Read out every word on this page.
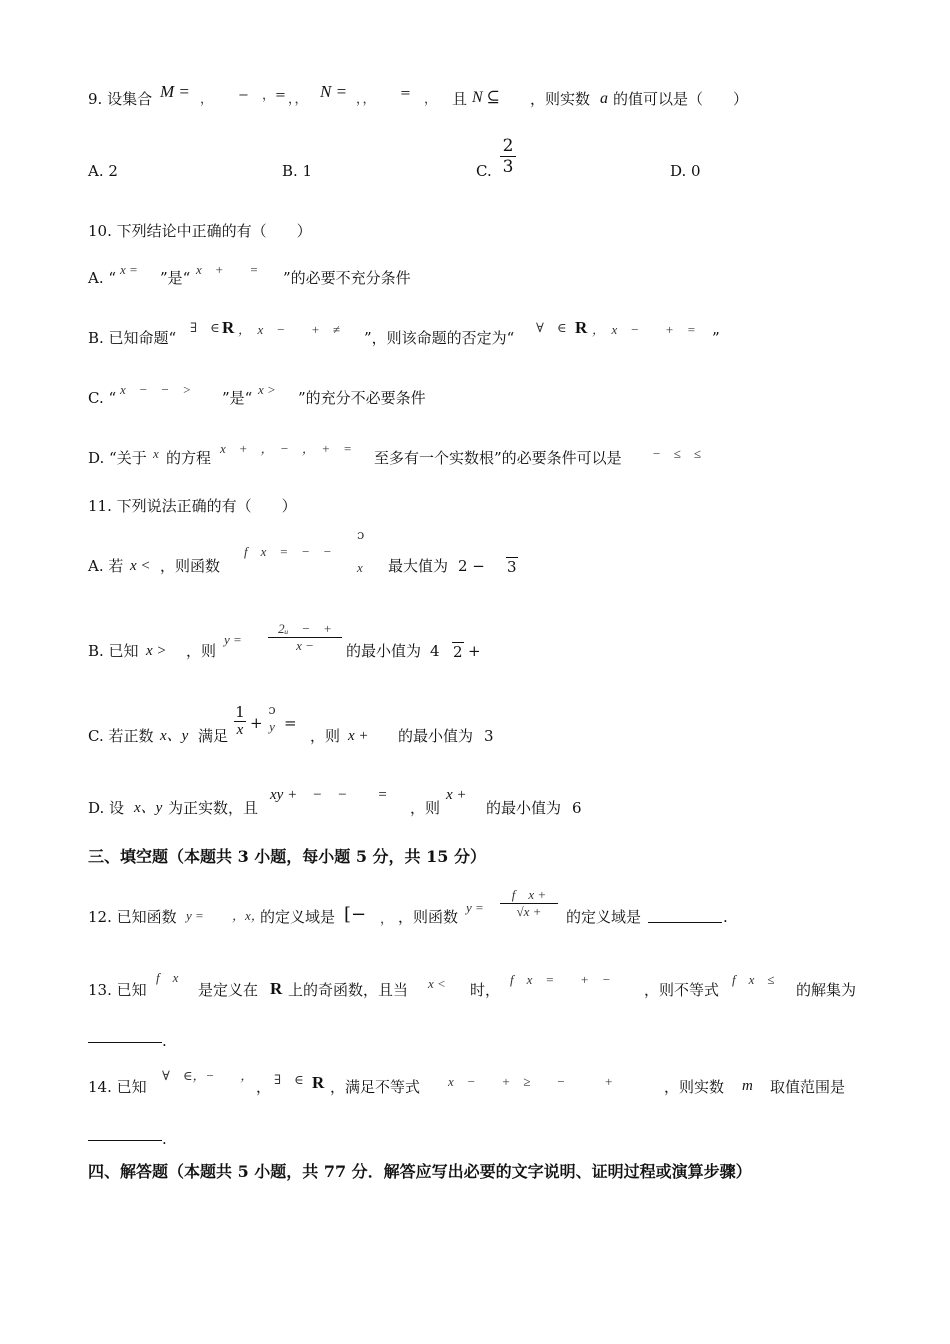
9. 设集合 M = ， − ，= ，， N = ，， = ， 且 N ⊆ ，则实数 a 的值可以是（　　）
A. 2	B. 1	C.
2
3	D. 0
10. 下列结论中正确的有（　　）
A. “ x = ”是“ x　+　　= ”的必要不充分条件
B. 已知命题“
∃　∈ R ，　x　−　　+　≠ ”，则该命题的否定为“
∀　∈ R ，　x　−　　+　= ”
C. “ x　−　−　> ”是“ x > ”的充分不必要条件
D. “关于 x 的方程
x　+　，　−　，　+　=
至多有一个实数根”的必要条件可以是 −　≤　≤
11. 下列说法正确的有（　　）
A. 若 x < ，则函数
f　x　=　−　−
ɔ
x 最大值为 2 − 3
B. 已知 x > ，则
y =
2ᵤ　−　+
x − 的最小值为 4 2 +
C. 若正数 x、y 满足
1
x +
ɔ
y =
，则 x + 的最小值为 3
D. 设 x、y 为正实数，且
xy +　−　−　　=
，则
x +
的最小值为 6
三、填空题（本题共 3 小题，每小题 5 分，共 15 分）
12. 已知函数 y = ，x，
的定义域是 [− ， ，则函数
y =
f　x +
√x + 的定义域是	.
13. 已知
f　x
是定义在 R 上的奇函数，且当 x < 时，
f　x　=　　+　−
，则不等式
f　x　≤
的解集为
.
14. 已知
∀　∈，−　　，
， ∃　∈ R ，满足不等式 x　−　　+　≥　　−　　　+	，则实数 m 取值范围是
.
四、解答题（本题共 5 小题，共 77 分．解答应写出必要的文字说明、证明过程或演算步骤）
